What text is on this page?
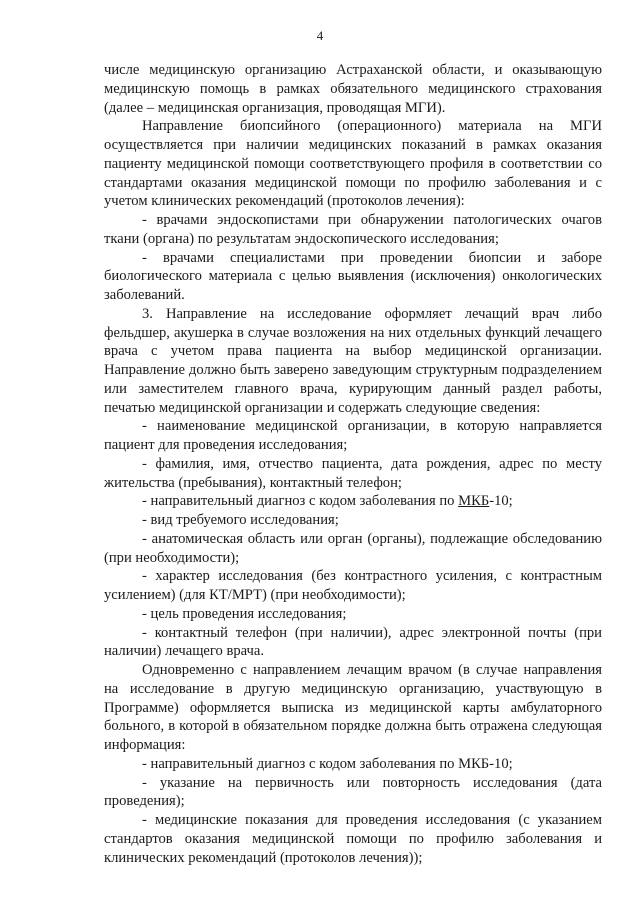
4

числе медицинскую организацию Астраханской области, и оказывающую медицинскую помощь в рамках обязательного медицинского страхования (далее – медицинская организация, проводящая МГИ).

Направление биопсийного (операционного) материала на МГИ осуществляется при наличии медицинских показаний в рамках оказания пациенту медицинской помощи соответствующего профиля в соответствии со стандартами оказания медицинской помощи по профилю заболевания и с учетом клинических рекомендаций (протоколов лечения):

- врачами эндоскопистами при обнаружении патологических очагов ткани (органа) по результатам эндоскопического исследования;

- врачами специалистами при проведении биопсии и заборе биологического материала с целью выявления (исключения) онкологических заболеваний.

3. Направление на исследование оформляет лечащий врач либо фельдшер, акушерка в случае возложения на них отдельных функций лечащего врача с учетом права пациента на выбор медицинской организации. Направление должно быть заверено заведующим структурным подразделением или заместителем главного врача, курирующим данный раздел работы, печатью медицинской организации и содержать следующие сведения:

- наименование медицинской организации, в которую направляется пациент для проведения исследования;

- фамилия, имя, отчество пациента, дата рождения, адрес по месту жительства (пребывания), контактный телефон;

- направительный диагноз с кодом заболевания по МКБ-10;

- вид требуемого исследования;

- анатомическая область или орган (органы), подлежащие обследованию (при необходимости);

- характер исследования (без контрастного усиления, с контрастным усилением) (для КТ/МРТ) (при необходимости);

- цель проведения исследования;

- контактный телефон (при наличии), адрес электронной почты (при наличии) лечащего врача.

Одновременно с направлением лечащим врачом (в случае направления на исследование в другую медицинскую организацию, участвующую в Программе) оформляется выписка из медицинской карты амбулаторного больного, в которой в обязательном порядке должна быть отражена следующая информация:

- направительный диагноз с кодом заболевания по МКБ-10;

- указание на первичность или повторность исследования (дата проведения);

- медицинские показания для проведения исследования (с указанием стандартов оказания медицинской помощи по профилю заболевания и клинических рекомендаций (протоколов лечения));
